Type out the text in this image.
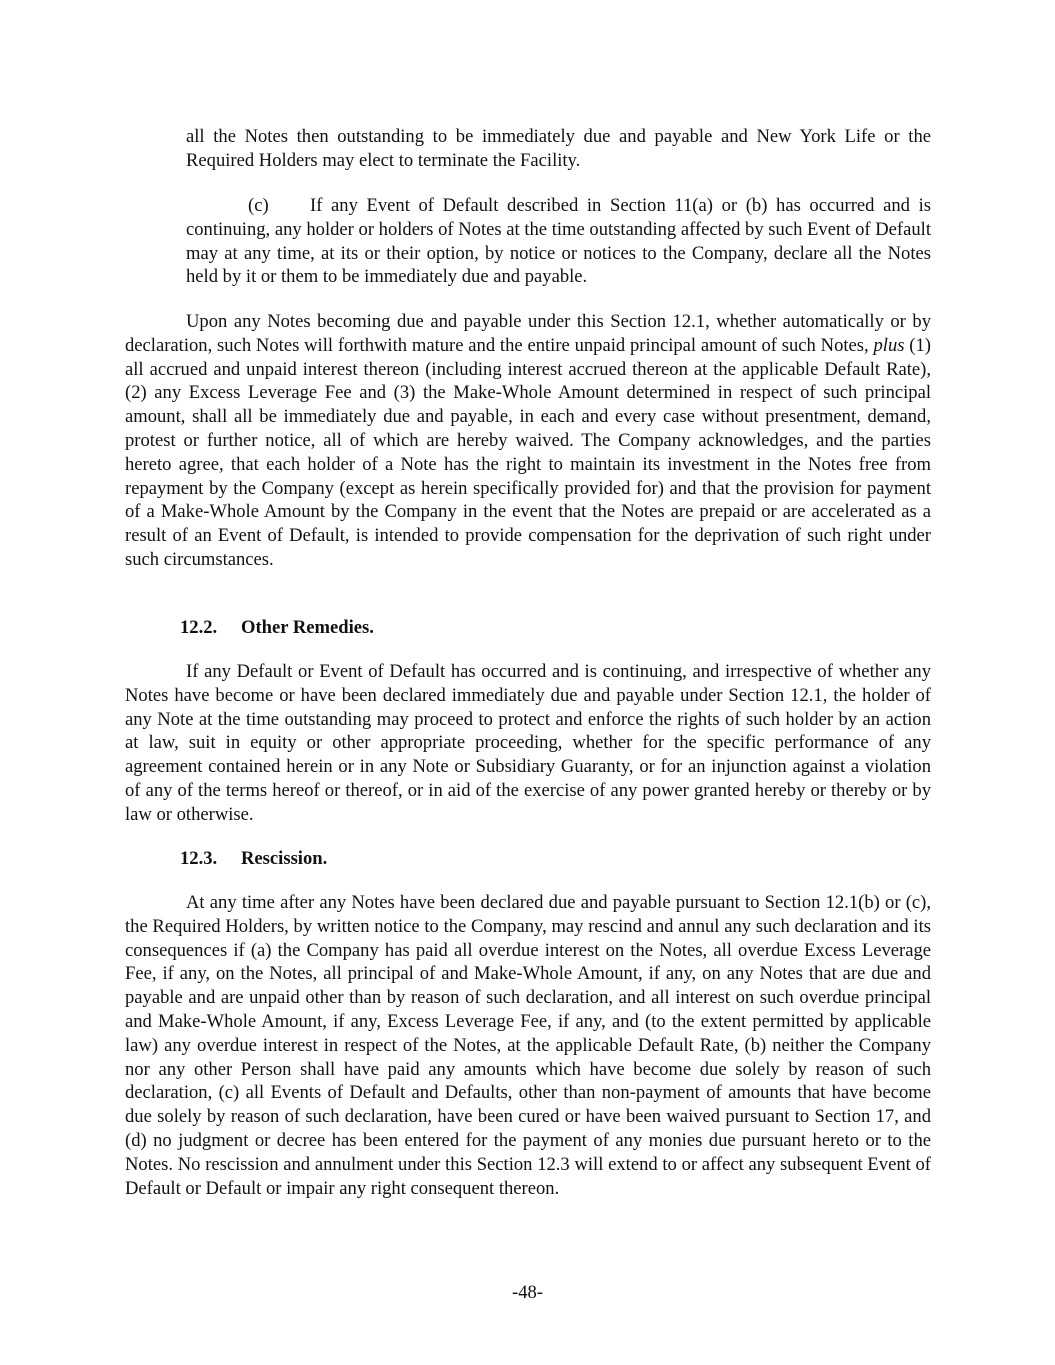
all the Notes then outstanding to be immediately due and payable and New York Life or the Required Holders may elect to terminate the Facility.

(c) If any Event of Default described in Section 11(a) or (b) has occurred and is continuing, any holder or holders of Notes at the time outstanding affected by such Event of Default may at any time, at its or their option, by notice or notices to the Company, declare all the Notes held by it or them to be immediately due and payable.

Upon any Notes becoming due and payable under this Section 12.1, whether automatically or by declaration, such Notes will forthwith mature and the entire unpaid principal amount of such Notes, plus (1) all accrued and unpaid interest thereon (including interest accrued thereon at the applicable Default Rate), (2) any Excess Leverage Fee and (3) the Make-Whole Amount determined in respect of such principal amount, shall all be immediately due and payable, in each and every case without presentment, demand, protest or further notice, all of which are hereby waived. The Company acknowledges, and the parties hereto agree, that each holder of a Note has the right to maintain its investment in the Notes free from repayment by the Company (except as herein specifically provided for) and that the provision for payment of a Make-Whole Amount by the Company in the event that the Notes are prepaid or are accelerated as a result of an Event of Default, is intended to provide compensation for the deprivation of such right under such circumstances.

12.2. Other Remedies.

If any Default or Event of Default has occurred and is continuing, and irrespective of whether any Notes have become or have been declared immediately due and payable under Section 12.1, the holder of any Note at the time outstanding may proceed to protect and enforce the rights of such holder by an action at law, suit in equity or other appropriate proceeding, whether for the specific performance of any agreement contained herein or in any Note or Subsidiary Guaranty, or for an injunction against a violation of any of the terms hereof or thereof, or in aid of the exercise of any power granted hereby or thereby or by law or otherwise.

12.3. Rescission.

At any time after any Notes have been declared due and payable pursuant to Section 12.1(b) or (c), the Required Holders, by written notice to the Company, may rescind and annul any such declaration and its consequences if (a) the Company has paid all overdue interest on the Notes, all overdue Excess Leverage Fee, if any, on the Notes, all principal of and Make-Whole Amount, if any, on any Notes that are due and payable and are unpaid other than by reason of such declaration, and all interest on such overdue principal and Make-Whole Amount, if any, Excess Leverage Fee, if any, and (to the extent permitted by applicable law) any overdue interest in respect of the Notes, at the applicable Default Rate, (b) neither the Company nor any other Person shall have paid any amounts which have become due solely by reason of such declaration, (c) all Events of Default and Defaults, other than non-payment of amounts that have become due solely by reason of such declaration, have been cured or have been waived pursuant to Section 17, and (d) no judgment or decree has been entered for the payment of any monies due pursuant hereto or to the Notes. No rescission and annulment under this Section 12.3 will extend to or affect any subsequent Event of Default or Default or impair any right consequent thereon.

-48-
